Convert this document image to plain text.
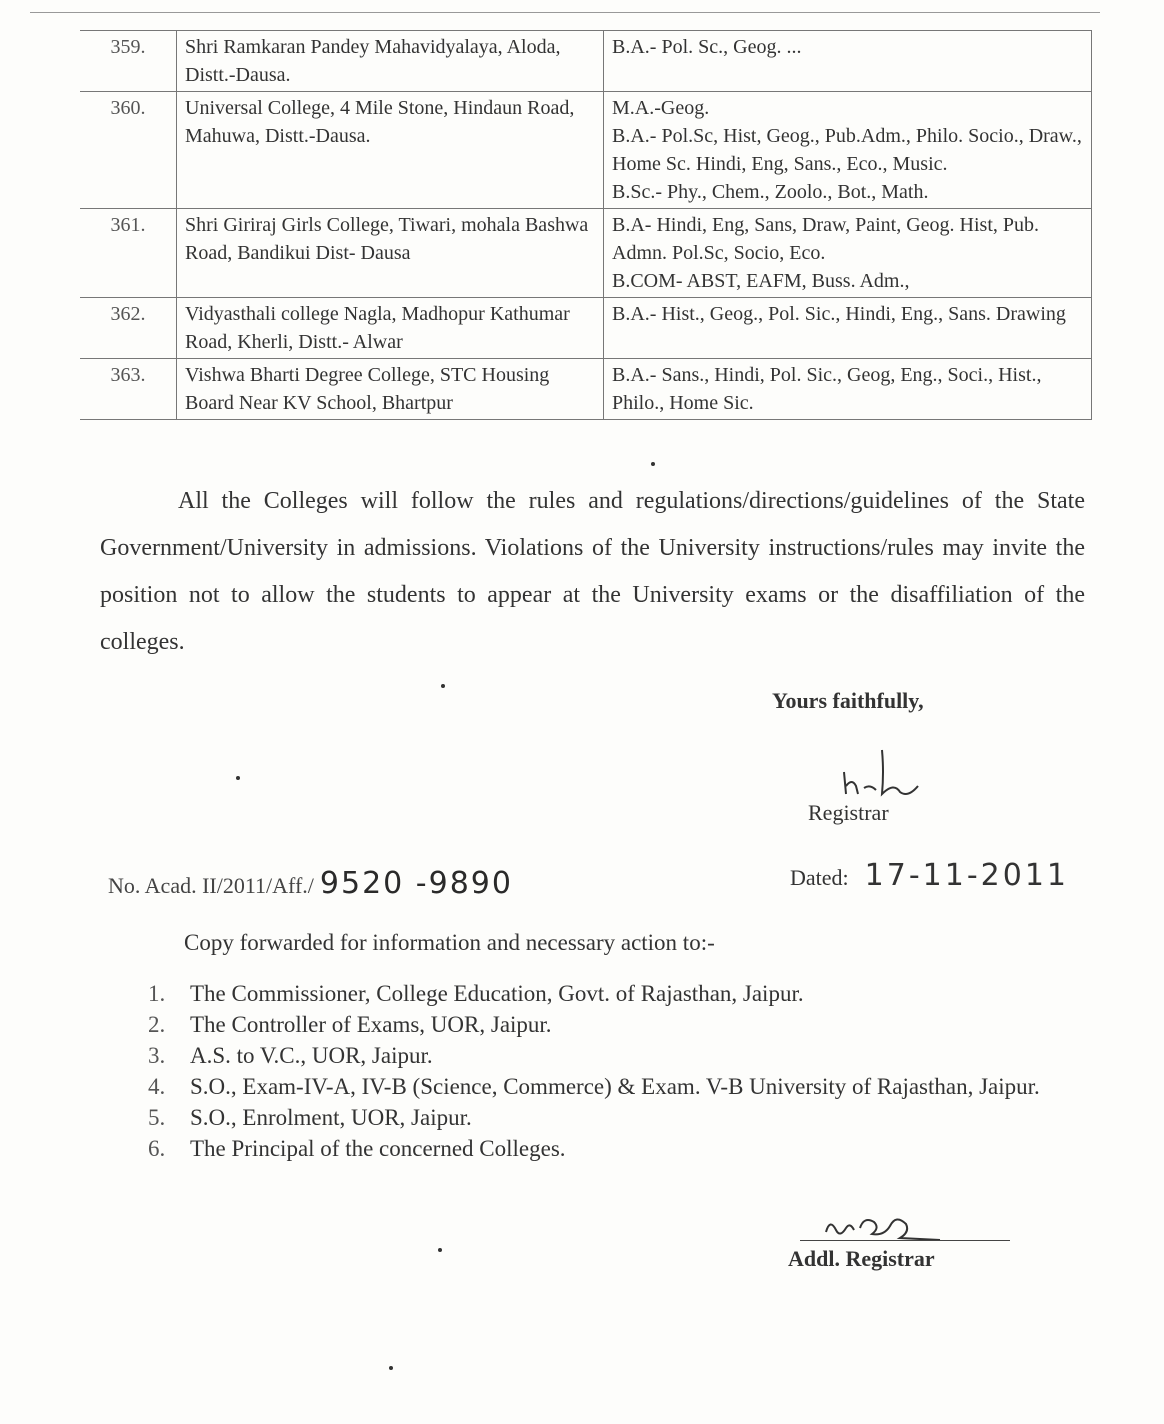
359.	Shri Ramkaran Pandey Mahavidyalaya, Aloda, Distt.-Dausa.	B.A.- Pol. Sc., Geog. ...

360.	Universal College, 4 Mile Stone, Hindaun Road, Mahuwa, Distt.-Dausa.	M.A.-Geog.
B.A.- Pol.Sc, Hist, Geog., Pub.Adm., Philo. Socio., Draw., Home Sc. Hindi, Eng, Sans., Eco., Music.
B.Sc.- Phy., Chem., Zoolo., Bot., Math.

361.	Shri Giriraj Girls College, Tiwari, mohala Bashwa Road, Bandikui Dist- Dausa	B.A- Hindi, Eng, Sans, Draw, Paint, Geog. Hist, Pub. Admn. Pol.Sc, Socio, Eco.
B.COM- ABST, EAFM, Buss. Adm.,

362.	Vidyasthali college Nagla, Madhopur Kathumar Road, Kherli, Distt.- Alwar	B.A.- Hist., Geog., Pol. Sic., Hindi, Eng., Sans. Drawing

363.	Vishwa Bharti Degree College, STC Housing Board Near KV School, Bhartpur	B.A.- Sans., Hindi, Pol. Sic., Geog, Eng., Soci., Hist., Philo., Home Sic.
All the Colleges will follow the rules and regulations/directions/guidelines of the State Government/University in admissions. Violations of the University instructions/rules may invite the position not to allow the students to appear at the University exams or the disaffiliation of the colleges.
Yours faithfully,
Registrar
No. Acad. II/2011/Aff./ 9520 -9890	Dated: 17-11-2011
Copy forwarded for information and necessary action to:-
1. The Commissioner, College Education, Govt. of Rajasthan, Jaipur.
2. The Controller of Exams, UOR, Jaipur.
3. A.S. to V.C., UOR, Jaipur.
4. S.O., Exam-IV-A, IV-B (Science, Commerce) & Exam. V-B University of Rajasthan, Jaipur.
5. S.O., Enrolment, UOR, Jaipur.
6. The Principal of the concerned Colleges.
Addl. Registrar
